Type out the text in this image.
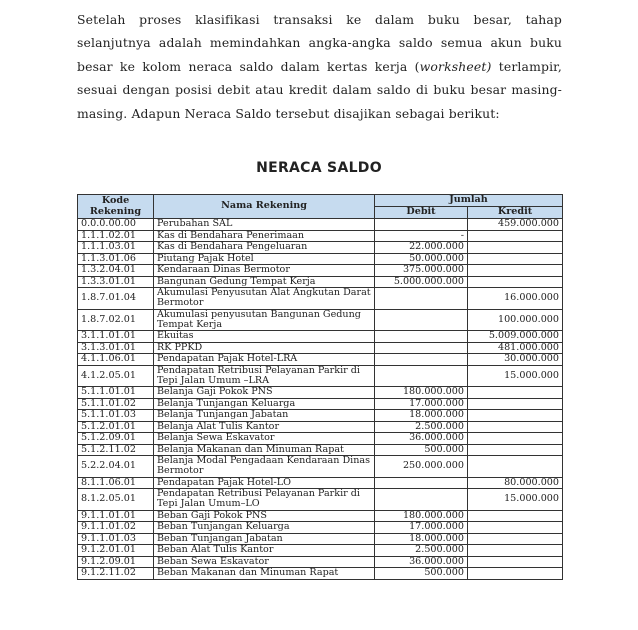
Setelah proses klasifikasi transaksi ke dalam buku besar, tahap selanjutnya adalah memindahkan angka-angka saldo semua akun buku besar ke kolom neraca saldo dalam kertas kerja (worksheet) terlampir, sesuai dengan posisi debit atau kredit dalam saldo di buku besar masing-masing. Adapun Neraca Saldo tersebut disajikan sebagai berikut:
NERACA SALDO
Kode Rekening	Nama Rekening	Jumlah	
		Debit	Kredit
0.0.0.00.00	Perubahan SAL		459.000.000
1.1.1.02.01	Kas di Bendahara Penerimaan	-	
1.1.1.03.01	Kas di Bendahara Pengeluaran	22.000.000	
1.1.3.01.06	Piutang Pajak Hotel	50.000.000	
1.3.2.04.01	Kendaraan Dinas Bermotor	375.000.000	
1.3.3.01.01	Bangunan Gedung Tempat Kerja	5.000.000.000	
1.8.7.01.04	Akumulasi Penyusutan Alat Angkutan Darat Bermotor		16.000.000
1.8.7.02.01	Akumulasi penyusutan Bangunan Gedung Tempat Kerja		100.000.000
3.1.1.01.01	Ekuitas		5.009.000.000
3.1.3.01.01	RK PPKD		481.000.000
4.1.1.06.01	Pendapatan Pajak Hotel-LRA		30.000.000
4.1.2.05.01	Pendapatan Retribusi Pelayanan Parkir di Tepi Jalan Umum –LRA		15.000.000
5.1.1.01.01	Belanja Gaji Pokok PNS	180.000.000	
5.1.1.01.02	Belanja Tunjangan Keluarga	17.000.000	
5.1.1.01.03	Belanja Tunjangan Jabatan	18.000.000	
5.1.2.01.01	Belanja Alat Tulis Kantor	2.500.000	
5.1.2.09.01	Belanja Sewa Eskavator	36.000.000	
5.1.2.11.02	Belanja Makanan dan Minuman Rapat	500.000	
5.2.2.04.01	Belanja Modal Pengadaan Kendaraan Dinas Bermotor	250.000.000	
8.1.1.06.01	Pendapatan Pajak Hotel-LO		80.000.000
8.1.2.05.01	Pendapatan Retribusi Pelayanan Parkir di Tepi Jalan Umum–LO		15.000.000
9.1.1.01.01	Beban Gaji Pokok PNS	180.000.000	
9.1.1.01.02	Beban Tunjangan Keluarga	17.000.000	
9.1.1.01.03	Beban Tunjangan Jabatan	18.000.000	
9.1.2.01.01	Beban Alat Tulis Kantor	2.500.000	
9.1.2.09.01	Beban Sewa Eskavator	36.000.000	
9.1.2.11.02	Beban Makanan dan Minuman Rapat	500.000	
